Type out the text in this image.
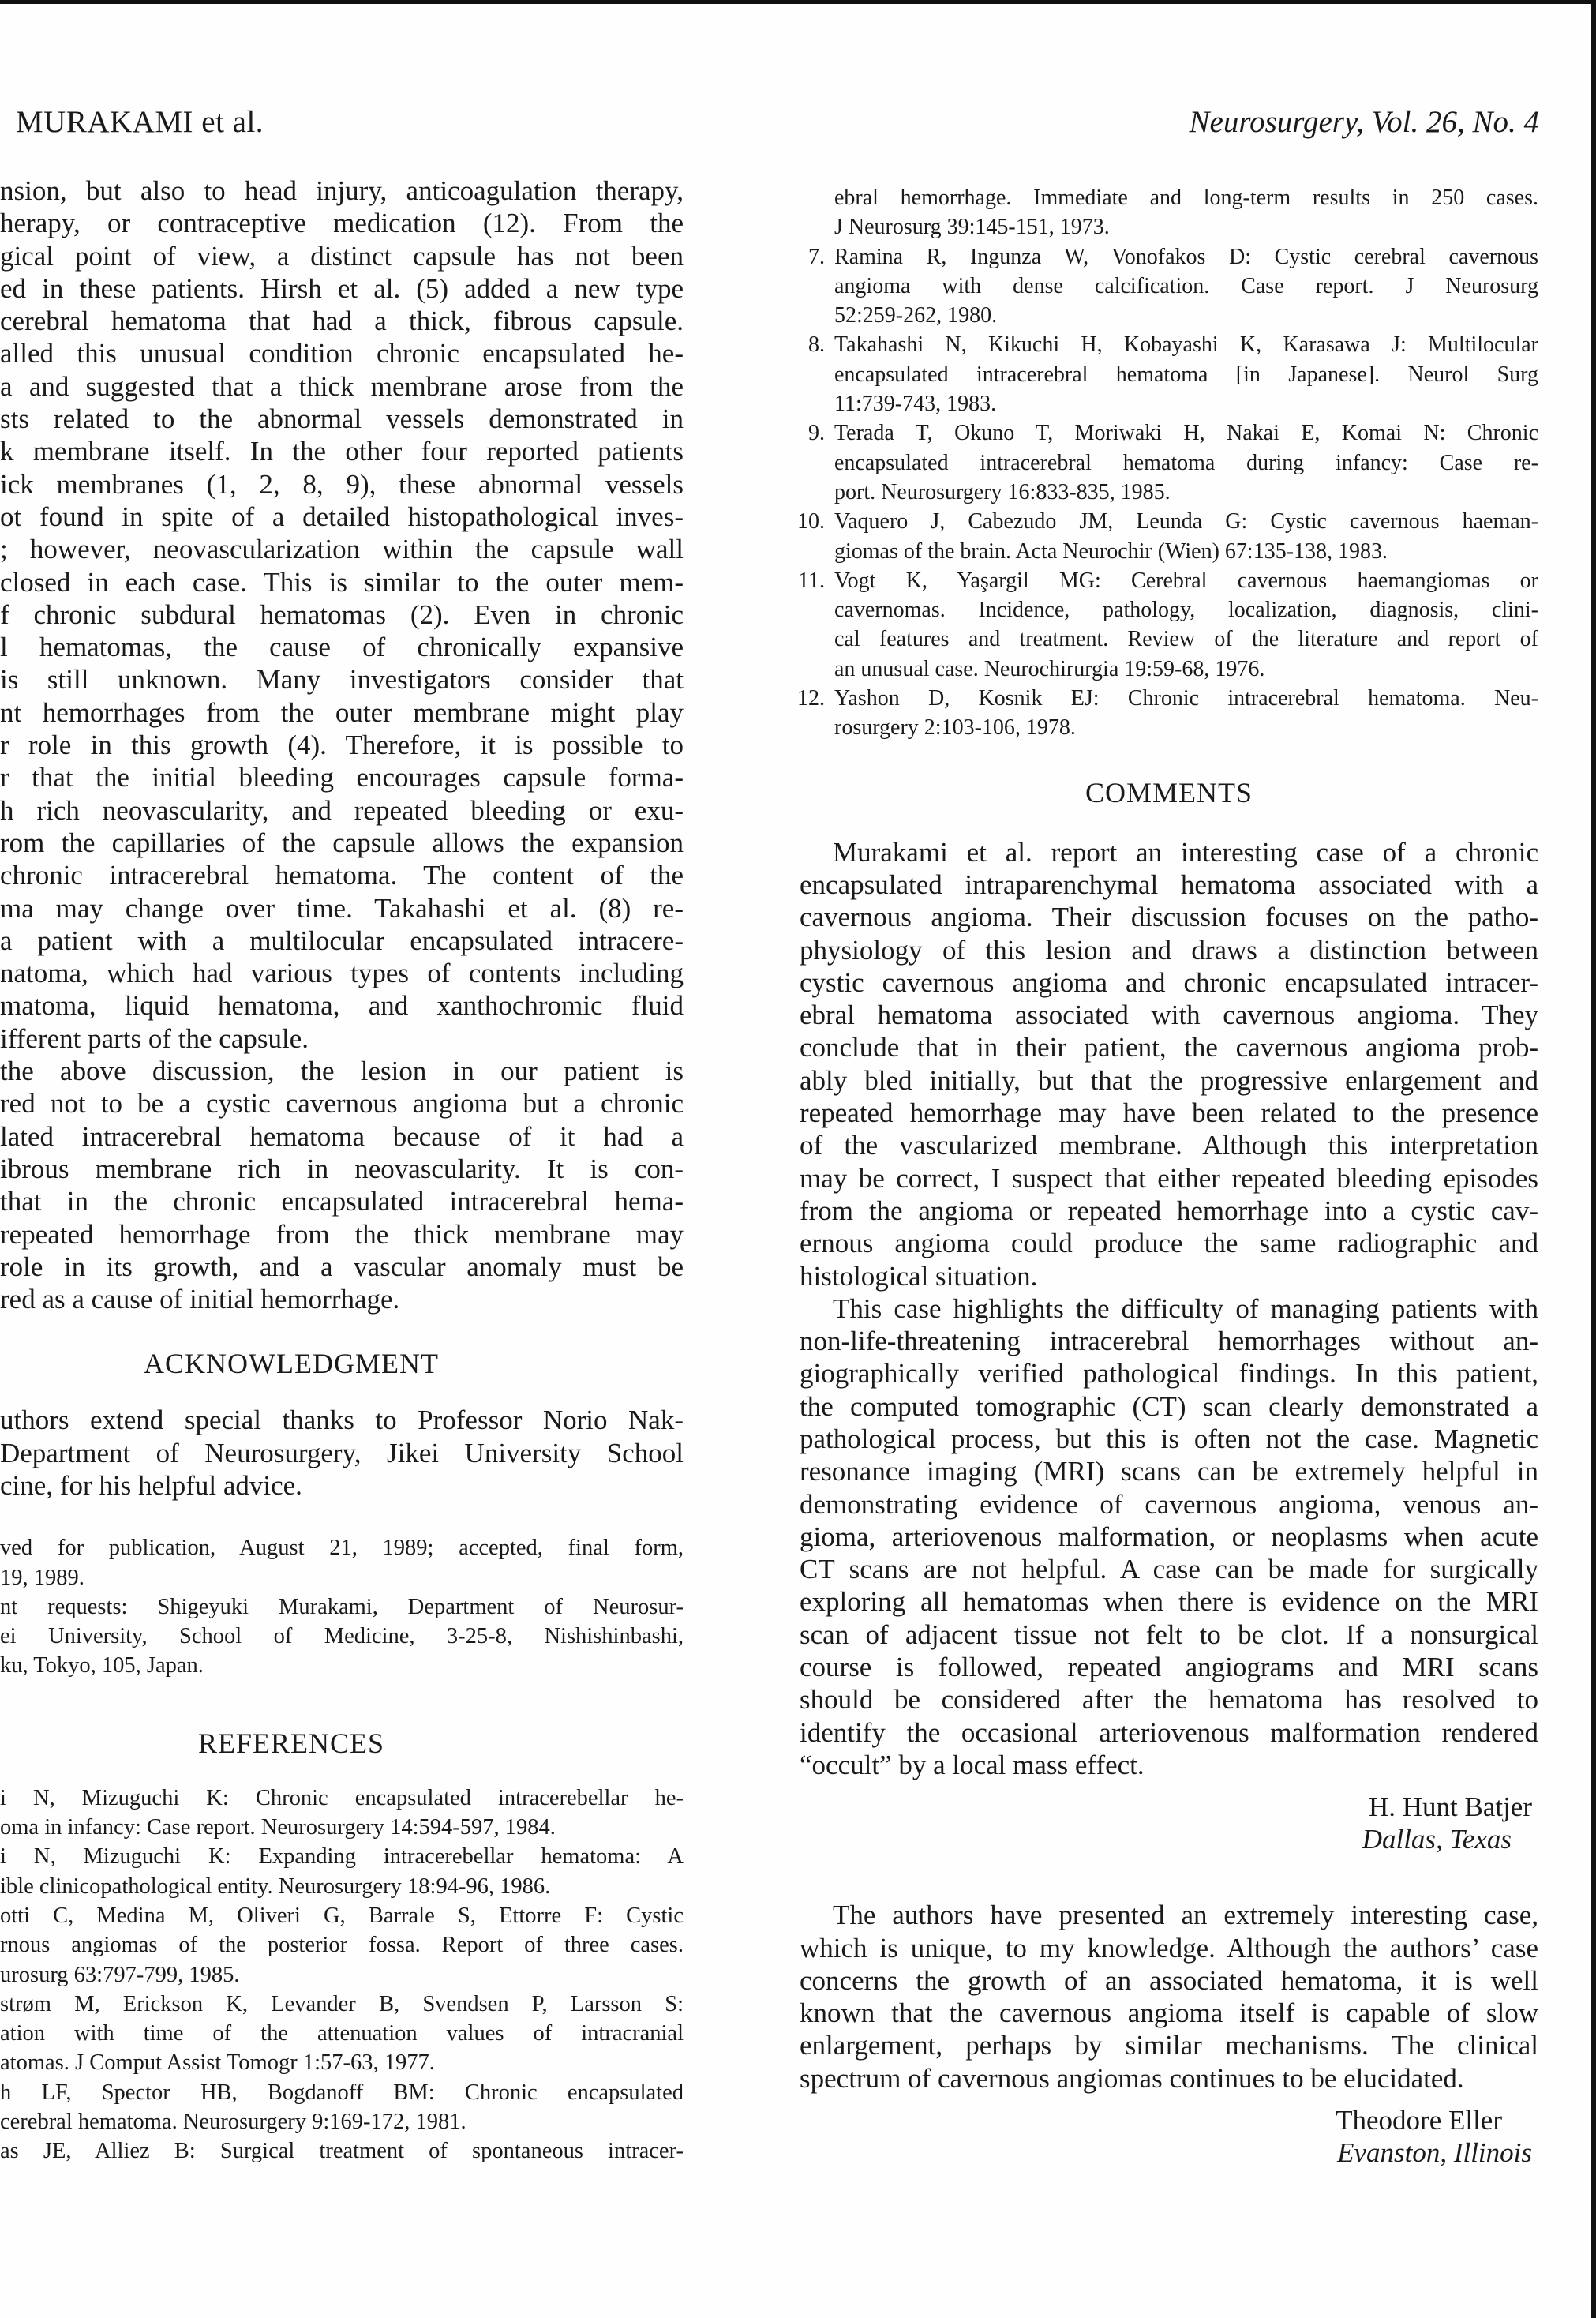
MURAKAMI et al.	Neurosurgery, Vol. 26, No. 4
nsion, but also to head injury, anticoagulation therapy,
herapy, or contraceptive medication (12). From the
gical point of view, a distinct capsule has not been
ed in these patients. Hirsh et al. (5) added a new type
cerebral hematoma that had a thick, fibrous capsule.
alled this unusual condition chronic encapsulated he-
a and suggested that a thick membrane arose from the
sts related to the abnormal vessels demonstrated in
k membrane itself. In the other four reported patients
ick membranes (1, 2, 8, 9), these abnormal vessels
ot found in spite of a detailed histopathological inves-
; however, neovascularization within the capsule wall
closed in each case. This is similar to the outer mem-
f chronic subdural hematomas (2). Even in chronic
l hematomas, the cause of chronically expansive
is still unknown. Many investigators consider that
nt hemorrhages from the outer membrane might play
r role in this growth (4). Therefore, it is possible to
r that the initial bleeding encourages capsule forma-
h rich neovascularity, and repeated bleeding or exu-
rom the capillaries of the capsule allows the expansion
chronic intracerebral hematoma. The content of the
ma may change over time. Takahashi et al. (8) re-
a patient with a multilocular encapsulated intracere-
natoma, which had various types of contents including
matoma, liquid hematoma, and xanthochromic fluid
ifferent parts of the capsule.
the above discussion, the lesion in our patient is
red not to be a cystic cavernous angioma but a chronic
lated intracerebral hematoma because of it had a
ibrous membrane rich in neovascularity. It is con-
that in the chronic encapsulated intracerebral hema-
repeated hemorrhage from the thick membrane may
role in its growth, and a vascular anomaly must be
red as a cause of initial hemorrhage.
ACKNOWLEDGMENT
uthors extend special thanks to Professor Norio Nak-
Department of Neurosurgery, Jikei University School
cine, for his helpful advice.
ved for publication, August 21, 1989; accepted, final form,
19, 1989.
nt requests: Shigeyuki Murakami, Department of Neurosur-
ei University, School of Medicine, 3-25-8, Nishishinbashi,
ku, Tokyo, 105, Japan.
REFERENCES
i N, Mizuguchi K: Chronic encapsulated intracerebellar he-
oma in infancy: Case report. Neurosurgery 14:594-597, 1984.
i N, Mizuguchi K: Expanding intracerebellar hematoma: A
ible clinicopathological entity. Neurosurgery 18:94-96, 1986.
otti C, Medina M, Oliveri G, Barrale S, Ettorre F: Cystic
rnous angiomas of the posterior fossa. Report of three cases.
urosurg 63:797-799, 1985.
strøm M, Erickson K, Levander B, Svendsen P, Larsson S:
ation with time of the attenuation values of intracranial
atomas. J Comput Assist Tomogr 1:57-63, 1977.
h LF, Spector HB, Bogdanoff BM: Chronic encapsulated
cerebral hematoma. Neurosurgery 9:169-172, 1981.
as JE, Alliez B: Surgical treatment of spontaneous intracer-
ebral hemorrhage. Immediate and long-term results in 250 cases.
J Neurosurg 39:145-151, 1973.
7. Ramina R, Ingunza W, Vonofakos D: Cystic cerebral cavernous
angioma with dense calcification. Case report. J Neurosurg
52:259-262, 1980.
8. Takahashi N, Kikuchi H, Kobayashi K, Karasawa J: Multilocular
encapsulated intracerebral hematoma [in Japanese]. Neurol Surg
11:739-743, 1983.
9. Terada T, Okuno T, Moriwaki H, Nakai E, Komai N: Chronic
encapsulated intracerebral hematoma during infancy: Case re-
port. Neurosurgery 16:833-835, 1985.
10. Vaquero J, Cabezudo JM, Leunda G: Cystic cavernous haeman-
giomas of the brain. Acta Neurochir (Wien) 67:135-138, 1983.
11. Vogt K, Yaşargil MG: Cerebral cavernous haemangiomas or
cavernomas. Incidence, pathology, localization, diagnosis, clini-
cal features and treatment. Review of the literature and report of
an unusual case. Neurochirurgia 19:59-68, 1976.
12. Yashon D, Kosnik EJ: Chronic intracerebral hematoma. Neu-
rosurgery 2:103-106, 1978.
COMMENTS
Murakami et al. report an interesting case of a chronic
encapsulated intraparenchymal hematoma associated with a
cavernous angioma. Their discussion focuses on the patho-
physiology of this lesion and draws a distinction between
cystic cavernous angioma and chronic encapsulated intracer-
ebral hematoma associated with cavernous angioma. They
conclude that in their patient, the cavernous angioma prob-
ably bled initially, but that the progressive enlargement and
repeated hemorrhage may have been related to the presence
of the vascularized membrane. Although this interpretation
may be correct, I suspect that either repeated bleeding episodes
from the angioma or repeated hemorrhage into a cystic cav-
ernous angioma could produce the same radiographic and
histological situation.
This case highlights the difficulty of managing patients with
non-life-threatening intracerebral hemorrhages without an-
giographically verified pathological findings. In this patient,
the computed tomographic (CT) scan clearly demonstrated a
pathological process, but this is often not the case. Magnetic
resonance imaging (MRI) scans can be extremely helpful in
demonstrating evidence of cavernous angioma, venous an-
gioma, arteriovenous malformation, or neoplasms when acute
CT scans are not helpful. A case can be made for surgically
exploring all hematomas when there is evidence on the MRI
scan of adjacent tissue not felt to be clot. If a nonsurgical
course is followed, repeated angiograms and MRI scans
should be considered after the hematoma has resolved to
identify the occasional arteriovenous malformation rendered
“occult” by a local mass effect.
H. Hunt Batjer
Dallas, Texas
The authors have presented an extremely interesting case,
which is unique, to my knowledge. Although the authors’ case
concerns the growth of an associated hematoma, it is well
known that the cavernous angioma itself is capable of slow
enlargement, perhaps by similar mechanisms. The clinical
spectrum of cavernous angiomas continues to be elucidated.
Theodore Eller
Evanston, Illinois
